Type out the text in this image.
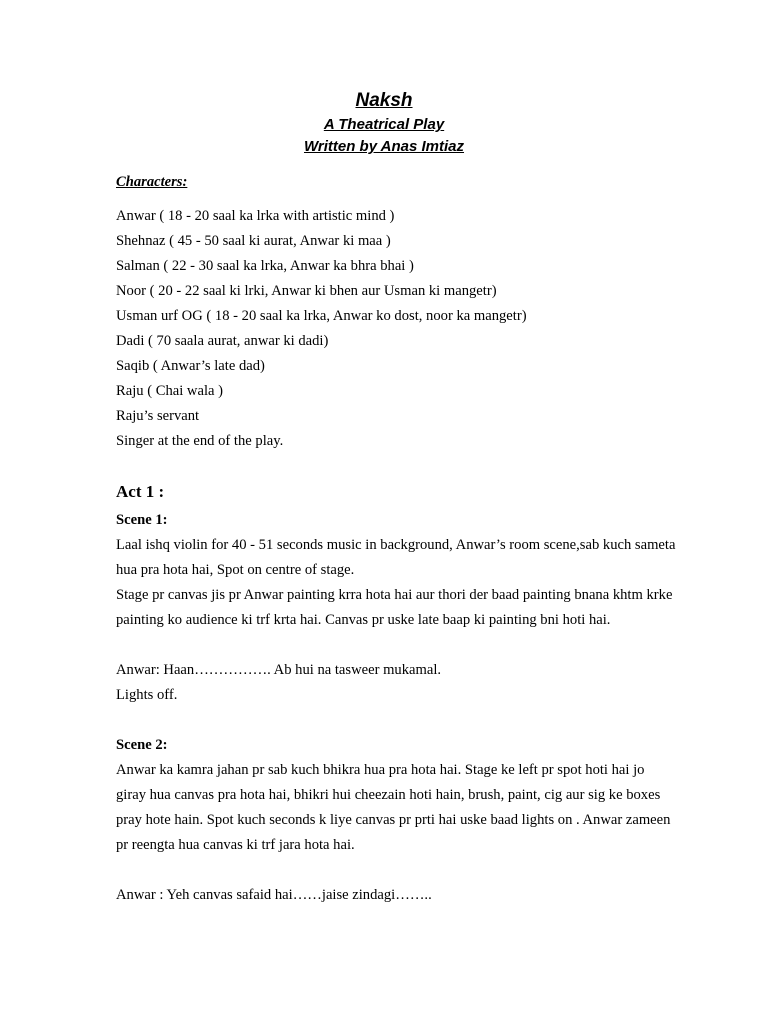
Naksh
A Theatrical Play
Written by Anas Imtiaz
Characters:
Anwar ( 18 - 20 saal ka lrka with artistic mind )
Shehnaz ( 45 - 50 saal ki aurat, Anwar ki maa )
Salman ( 22 - 30 saal ka lrka, Anwar ka bhra bhai )
Noor ( 20 - 22 saal ki lrki, Anwar ki bhen aur Usman ki mangetr)
Usman urf OG ( 18 - 20 saal ka lrka, Anwar ko dost, noor ka mangetr)
Dadi ( 70 saala aurat, anwar ki dadi)
Saqib ( Anwar’s late dad)
Raju ( Chai wala )
Raju’s servant
Singer at the end of the play.
Act 1 :
Scene 1:

Laal ishq violin for 40 - 51 seconds music in background, Anwar’s room scene,sab kuch sameta hua pra hota hai, Spot on centre of stage.

Stage pr canvas jis pr Anwar painting krra hota hai aur thori der baad painting bnana khtm krke painting ko audience ki trf krta hai. Canvas pr uske late baap ki painting bni hoti hai.

Anwar: Haan……………. Ab hui na tasweer mukamal.

Lights off.

Scene 2:

Anwar ka kamra jahan pr sab kuch bhikra hua pra hota hai. Stage ke left pr spot hoti hai jo giray hua canvas pra hota hai, bhikri hui cheezain hoti hain, brush, paint, cig aur sig ke boxes pray hote hain. Spot kuch seconds k liye canvas pr prti hai uske baad lights on . Anwar zameen pr reengta hua canvas ki trf jara hota hai.

Anwar : Yeh canvas safaid hai……jaise zindagi……..
